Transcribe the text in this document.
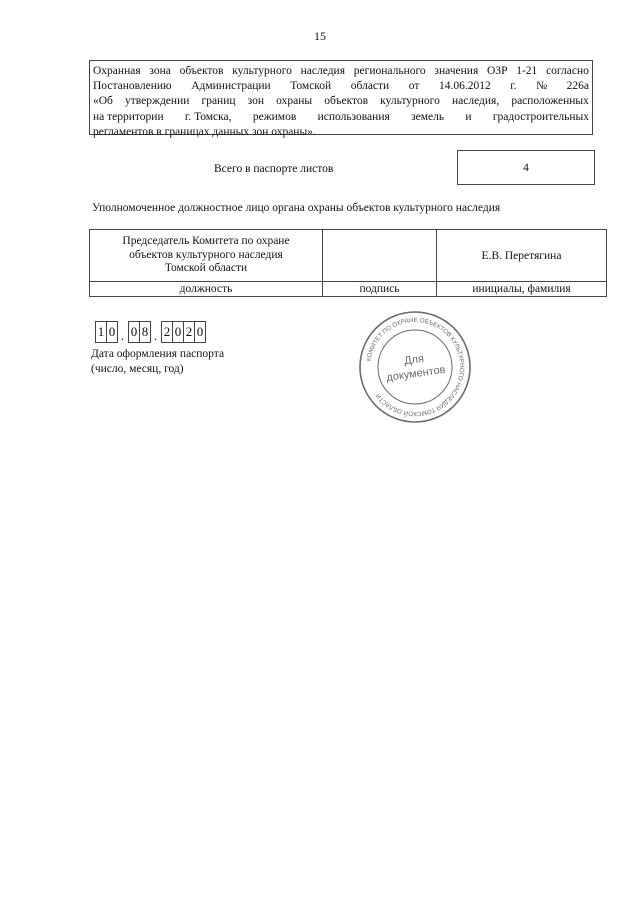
15
Охранная зона объектов культурного наследия регионального значения ОЗР 1-21 согласно
Постановлению Администрации Томской области от 14.06.2012 г. № 226а
«Об утверждении границ зон охраны объектов культурного наследия, расположенных
на территории г. Томска, режимов использования земель и градостроительных
регламентов в границах данных зон охраны».
Всего в паспорте листов	4
Уполномоченное должностное лицо органа охраны объектов культурного наследия
Председатель Комитета по охране
объектов культурного наследия
Томской области		Е.В. Перетягина
должность	подпись	инициалы, фамилия
1 0 . 0 8 . 2 0 2 0
Дата оформления паспорта
(число, месяц, год)
КОМИТЕТ ПО ОХРАНЕ ОБЪЕКТОВ КУЛЬТУРНОГО НАСЛЕДИЯ ТОМСКОЙ ОБЛАСТИ
Для
документов
